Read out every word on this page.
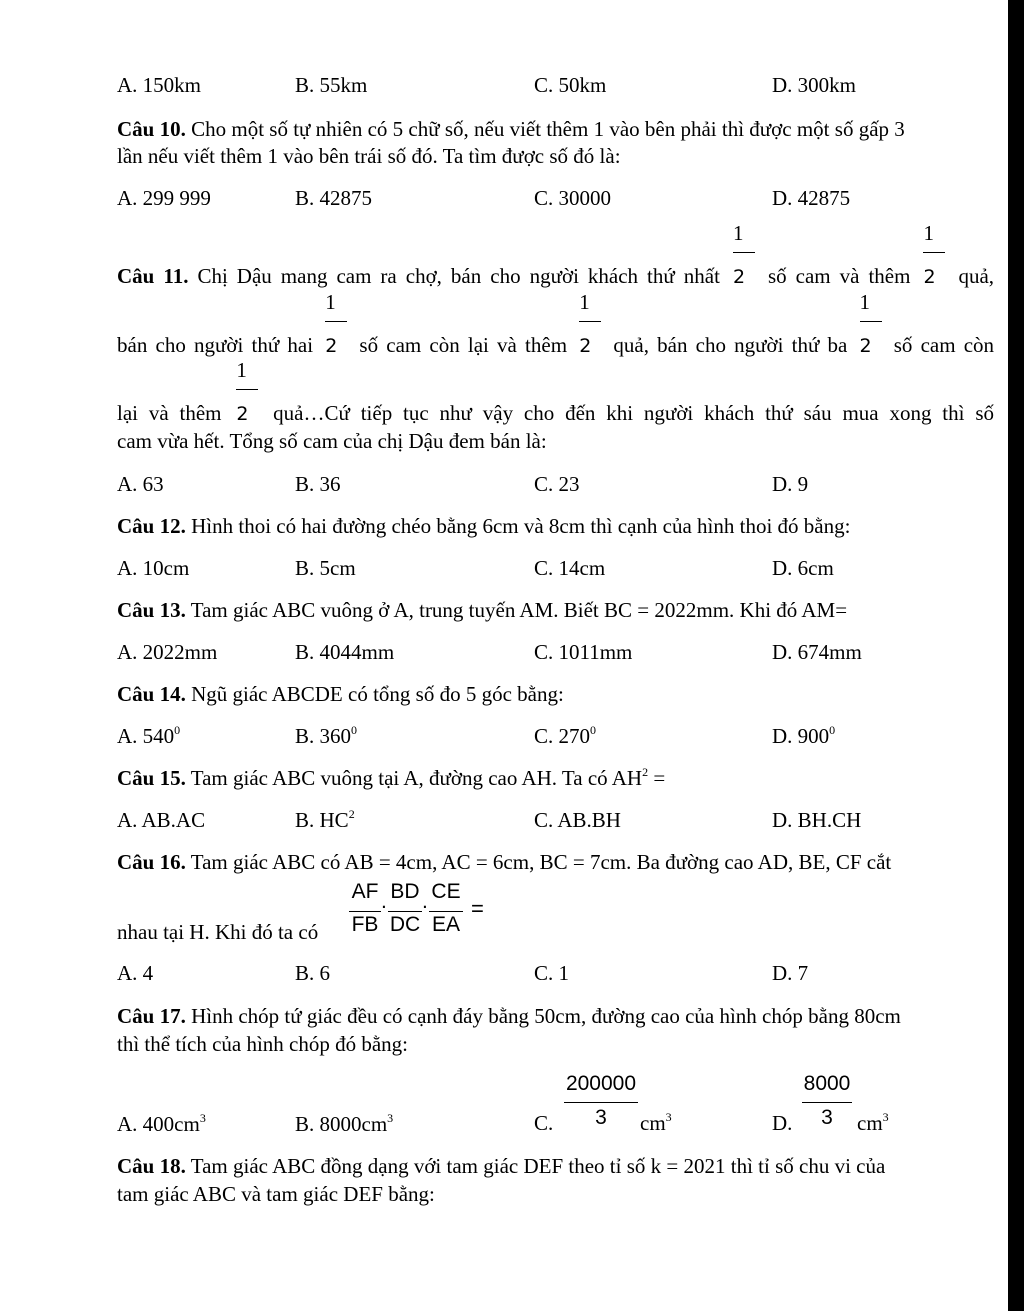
A. 150km	B. 55km	C. 50km	D. 300km
Câu 10. Cho một số tự nhiên có 5 chữ số, nếu viết thêm 1 vào bên phải thì được một số gấp 3
lần nếu viết thêm 1 vào bên trái số đó. Ta tìm được số đó là:
A. 299 999	B. 42875	C. 30000	D. 42875
Câu 11. Chị Dậu mang cam ra chợ, bán cho người khách thứ nhất $\frac{1}{2}$ số cam và thêm $\frac{1}{2}$ quả,
bán cho người thứ hai $\frac{1}{2}$ số cam còn lại và thêm $\frac{1}{2}$ quả, bán cho người thứ ba $\frac{1}{2}$ số cam còn
lại và thêm $\frac{1}{2}$ quả…Cứ tiếp tục như vậy cho đến khi người khách thứ sáu mua xong thì số
cam vừa hết. Tổng số cam của chị Dậu đem bán là:
A. 63	B. 36	C. 23	D. 9
Câu 12. Hình thoi có hai đường chéo bằng 6cm và 8cm thì cạnh của hình thoi đó bằng:
A. 10cm	B. 5cm	C. 14cm	D. 6cm
Câu 13. Tam giác ABC vuông ở A, trung tuyến AM. Biết BC = 2022mm. Khi đó AM=
A. 2022mm	B. 4044mm	C. 1011mm	D. 674mm
Câu 14. Ngũ giác ABCDE có tổng số đo 5 góc bằng:
A. $540^0$	B. $360^0$	C. $270^0$	D. $900^0$
Câu 15. Tam giác ABC vuông tại A, đường cao AH. Ta có $AH^2$ =
A. AB.AC	B. $HC^2$	C. AB.BH	D. BH.CH
Câu 16. Tam giác ABC có AB = 4cm, AC = 6cm, BC = 7cm. Ba đường cao AD, BE, CF cắt
nhau tại H. Khi đó ta có
AF
FB
. BD
DC
. CE
EA
=
A. 4	B. 6	C. 1	D. 7
Câu 17. Hình chóp tứ giác đều có cạnh đáy bằng 50cm, đường cao của hình chóp bằng 80cm
thì thể tích của hình chóp đó bằng:
A. $400cm^3$	B. $8000cm^3$	C.
200000
3	$cm^3$	D.
8000
3	$cm^3$
Câu 18. Tam giác ABC đồng dạng với tam giác DEF theo tỉ số k = 2021 thì tỉ số chu vi của
tam giác ABC và tam giác DEF bằng:
